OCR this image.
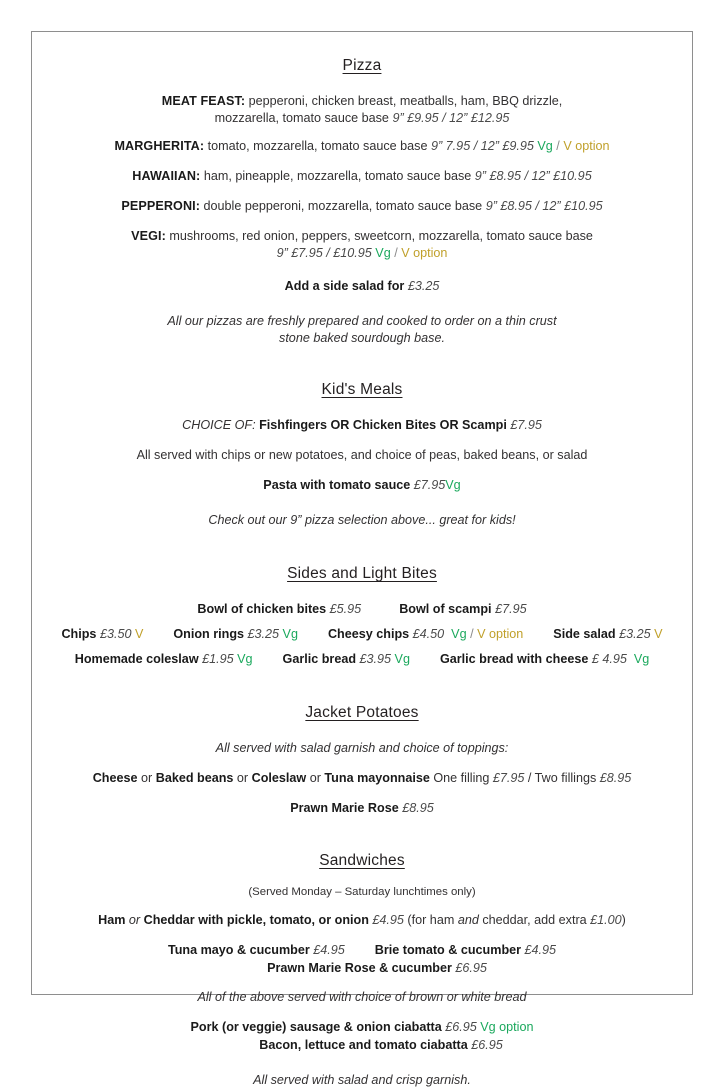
Pizza
MEAT FEAST: pepperoni, chicken breast, meatballs, ham, BBQ drizzle,
mozzarella, tomato sauce base 9” £9.95 / 12” £12.95
MARGHERITA: tomato, mozzarella, tomato sauce base 9” 7.95 / 12” £9.95 Vg / V option
HAWAIIAN: ham, pineapple, mozzarella, tomato sauce base 9” £8.95 / 12” £10.95
PEPPERONI: double pepperoni, mozzarella, tomato sauce base 9” £8.95 / 12” £10.95
VEGI: mushrooms, red onion, peppers, sweetcorn, mozzarella, tomato sauce base
9” £7.95 / £10.95 Vg / V option
Add a side salad for £3.25
All our pizzas are freshly prepared and cooked to order on a thin crust
stone baked sourdough base.
Kid's Meals
CHOICE OF: Fishfingers OR Chicken Bites OR Scampi £7.95
All served with chips or new potatoes, and choice of peas, baked beans, or salad
Pasta with tomato sauce £7.95Vg
Check out our 9” pizza selection above... great for kids!
Sides and Light Bites
Bowl of chicken bites £5.95	Bowl of scampi £7.95
Chips £3.50 V Onion rings £3.25 Vg Cheesy chips £4.50 Vg / V option Side salad £3.25 V
Homemade coleslaw £1.95 Vg Garlic bread £3.95 Vg Garlic bread with cheese £ 4.95 Vg
Jacket Potatoes
All served with salad garnish and choice of toppings:
Cheese or Baked beans or Coleslaw or Tuna mayonnaise One filling £7.95 / Two fillings £8.95
Prawn Marie Rose £8.95
Sandwiches
(Served Monday – Saturday lunchtimes only)
Ham or Cheddar with pickle, tomato, or onion £4.95 (for ham and cheddar, add extra £1.00)
Tuna mayo & cucumber £4.95 Brie tomato & cucumber £4.95Prawn Marie Rose & cucumber £6.95
All of the above served with choice of brown or white bread
Pork (or veggie) sausage & onion ciabatta £6.95 Vg optionBacon, lettuce and tomato ciabatta £6.95
All served with salad and crisp garnish.
